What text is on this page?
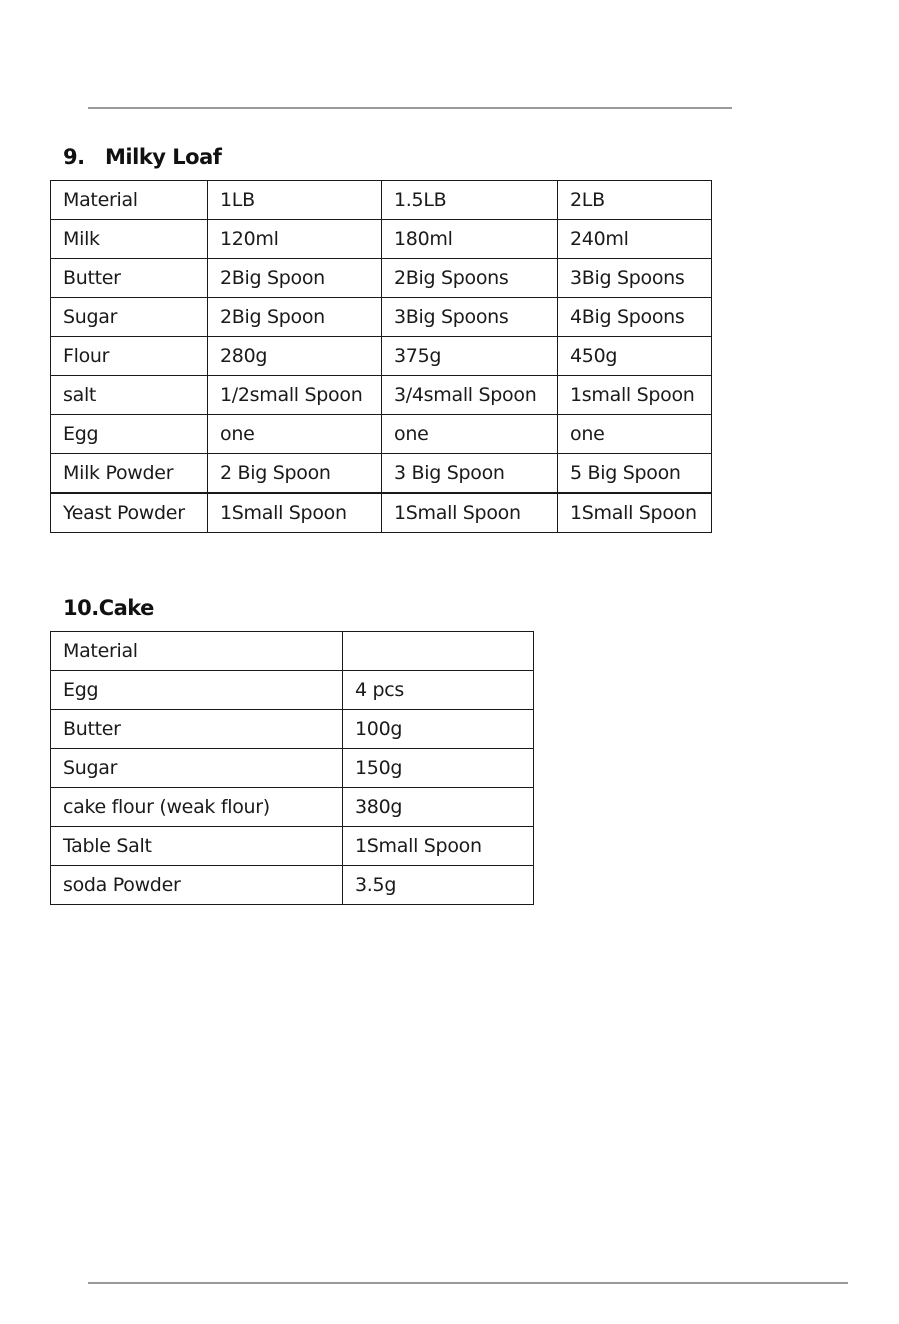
9.   Milky Loaf
Material	1LB	1.5LB	2LB
Milk	120ml	180ml	240ml
Butter	2Big Spoon	2Big Spoons	3Big Spoons
Sugar	2Big Spoon	3Big Spoons	4Big Spoons
Flour	280g	375g	450g
salt	1/2small Spoon	3/4small Spoon	1small Spoon
Egg	one	one	one
Milk Powder	2 Big Spoon	3 Big Spoon	5 Big Spoon
Yeast Powder	1Small Spoon	1Small Spoon	1Small Spoon
10.Cake
Material	
Egg	4 pcs
Butter	100g
Sugar	150g
cake flour (weak flour)	380g
Table Salt	1Small Spoon
soda Powder	3.5g
